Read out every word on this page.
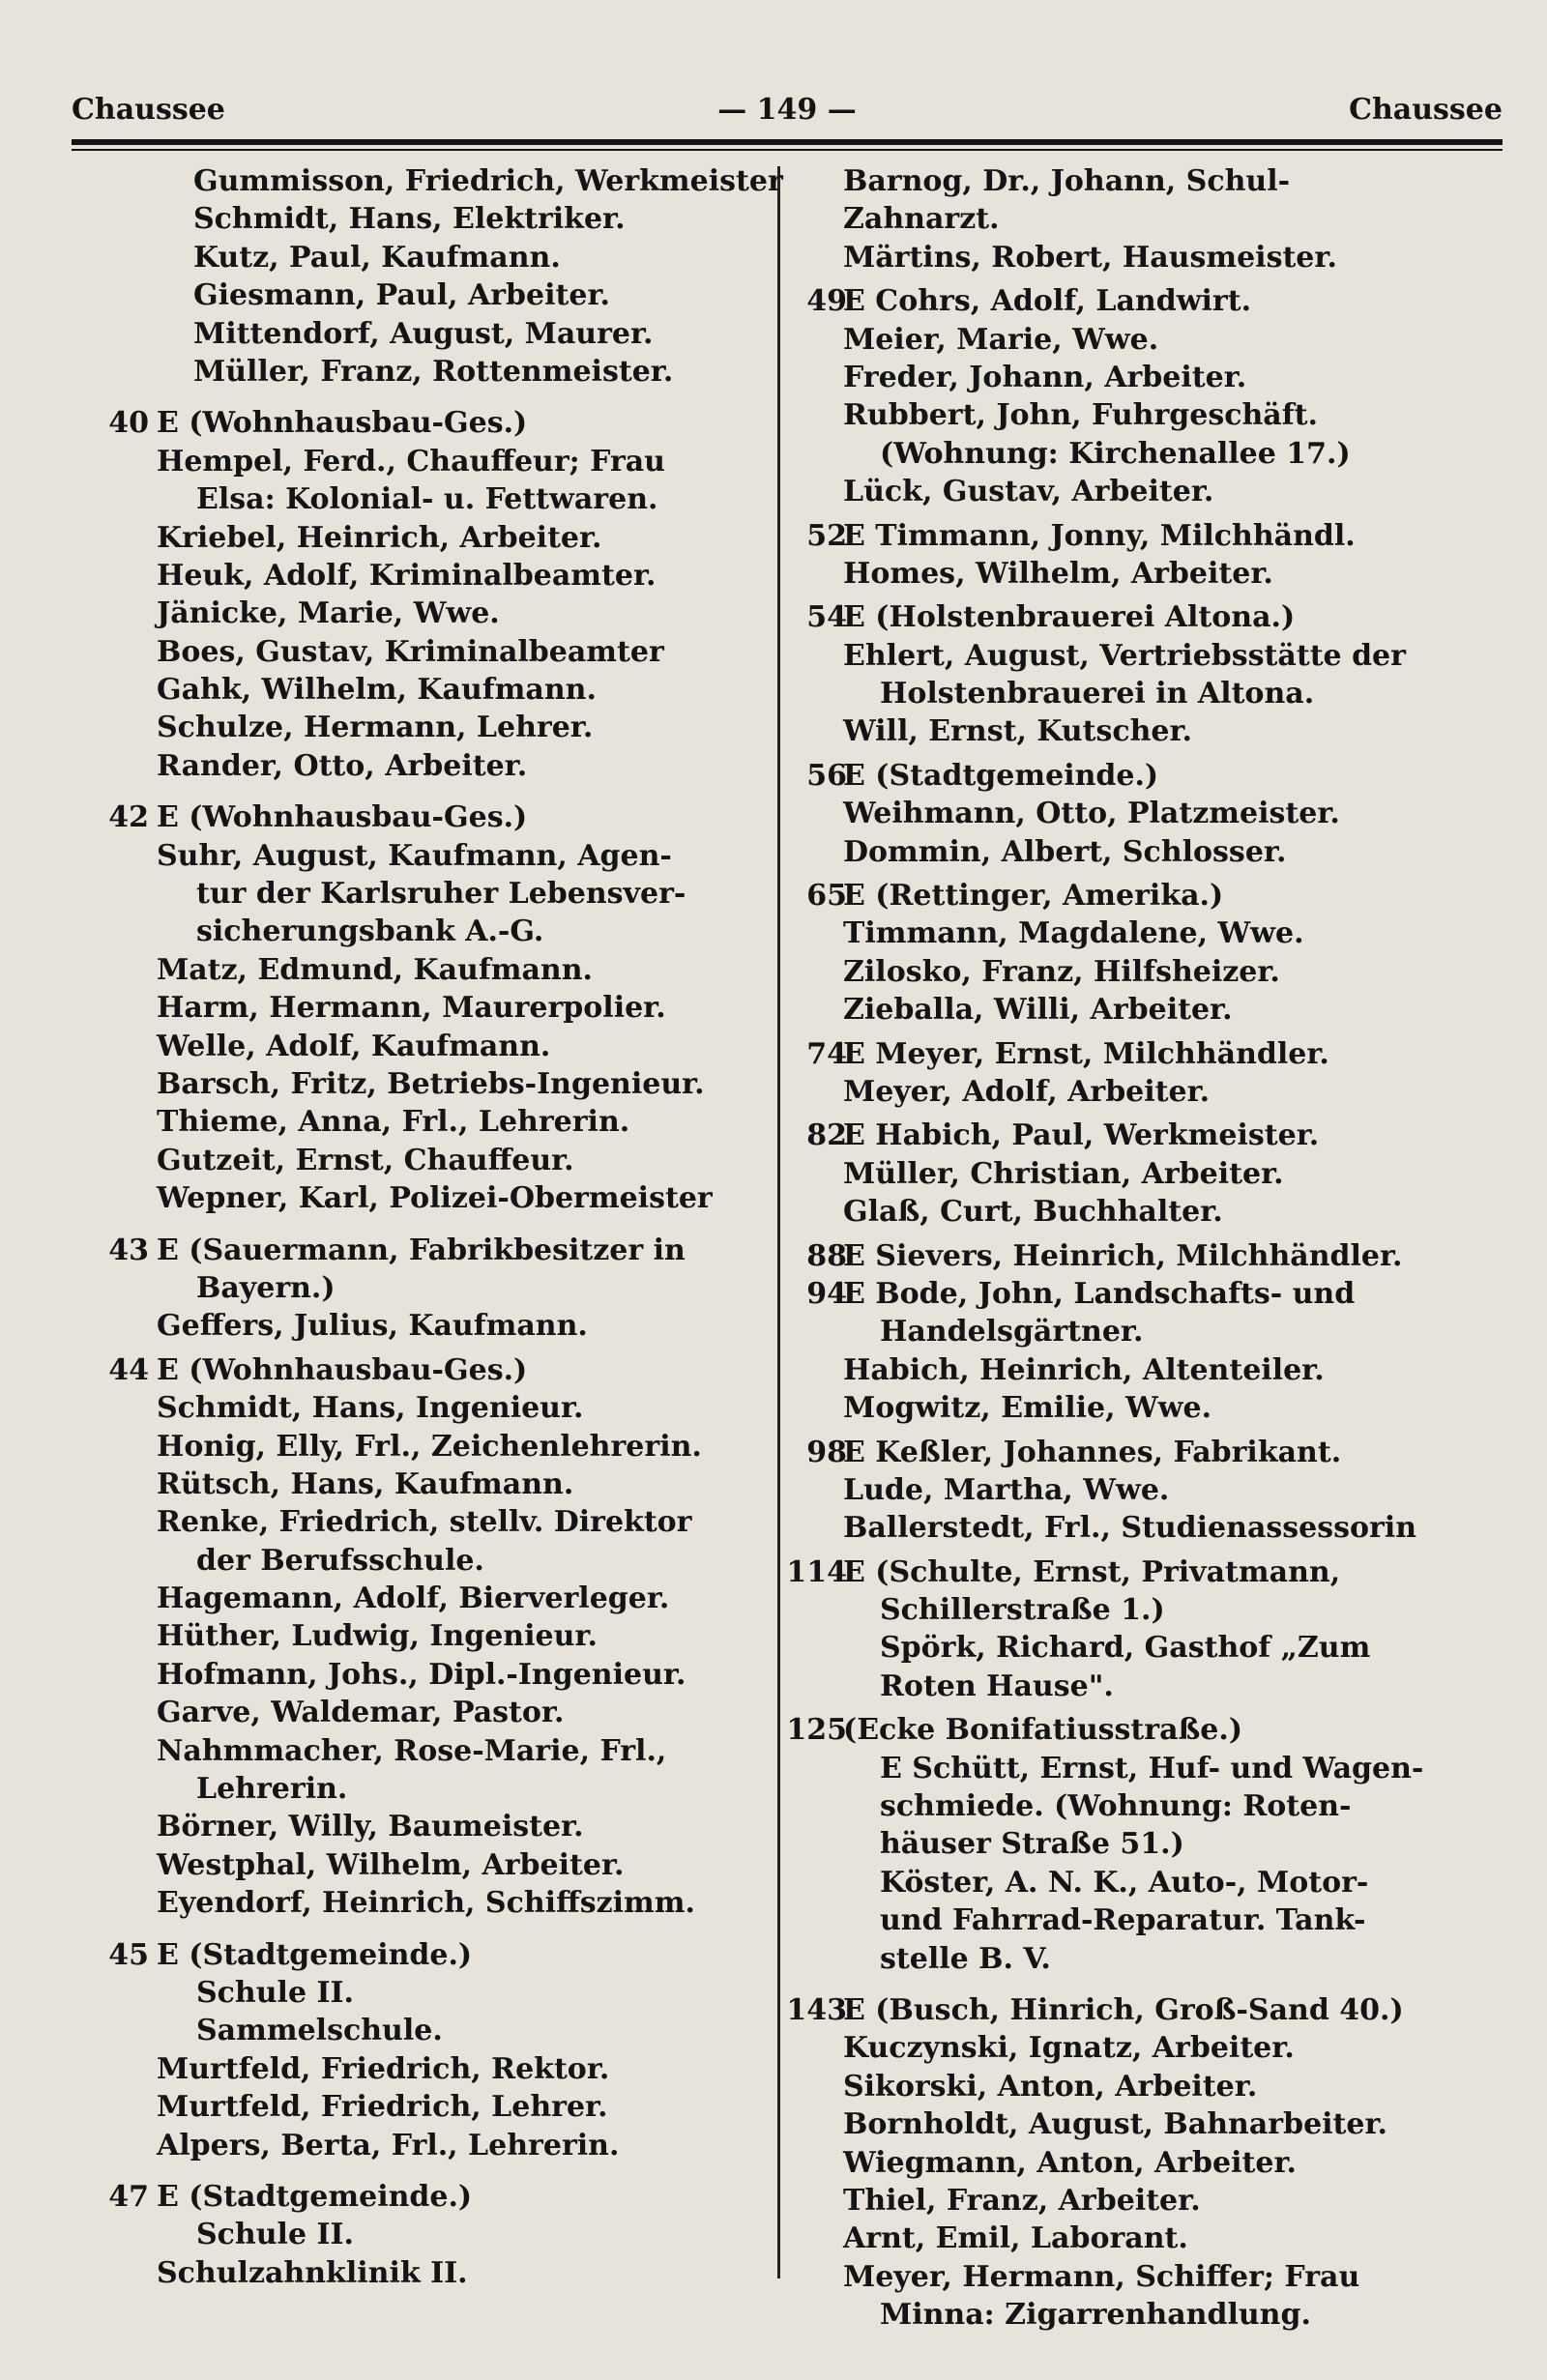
Chaussee	— 149 —	Chaussee
Gummisson, Friedrich, Werkmeister
Schmidt, Hans, Elektriker.
Kutz, Paul, Kaufmann.
Giesmann, Paul, Arbeiter.
Mittendorf, August, Maurer.
Müller, Franz, Rottenmeister.
40 E (Wohnhausbau-Ges.)
Hempel, Ferd., Chauffeur; Frau
Elsa: Kolonial- u. Fettwaren.
Kriebel, Heinrich, Arbeiter.
Heuk, Adolf, Kriminalbeamter.
Jänicke, Marie, Wwe.
Boes, Gustav, Kriminalbeamter
Gahk, Wilhelm, Kaufmann.
Schulze, Hermann, Lehrer.
Rander, Otto, Arbeiter.
42 E (Wohnhausbau-Ges.)
Suhr, August, Kaufmann, Agen-
tur der Karlsruher Lebensver-
sicherungsbank A.-G.
Matz, Edmund, Kaufmann.
Harm, Hermann, Maurerpolier.
Welle, Adolf, Kaufmann.
Barsch, Fritz, Betriebs-Ingenieur.
Thieme, Anna, Frl., Lehrerin.
Gutzeit, Ernst, Chauffeur.
Wepner, Karl, Polizei-Obermeister
43 E (Sauermann, Fabrikbesitzer in
Bayern.)
Geffers, Julius, Kaufmann.
44 E (Wohnhausbau-Ges.)
Schmidt, Hans, Ingenieur.
Honig, Elly, Frl., Zeichenlehrerin.
Rütsch, Hans, Kaufmann.
Renke, Friedrich, stellv. Direktor
der Berufsschule.
Hagemann, Adolf, Bierverleger.
Hüther, Ludwig, Ingenieur.
Hofmann, Johs., Dipl.-Ingenieur.
Garve, Waldemar, Pastor.
Nahmmacher, Rose-Marie, Frl.,
Lehrerin.
Börner, Willy, Baumeister.
Westphal, Wilhelm, Arbeiter.
Eyendorf, Heinrich, Schiffszimm.
45 E (Stadtgemeinde.)
Schule II.
Sammelschule.
Murtfeld, Friedrich, Rektor.
Murtfeld, Friedrich, Lehrer.
Alpers, Berta, Frl., Lehrerin.
47 E (Stadtgemeinde.)
Schule II.
Schulzahnklinik II.
Barnog, Dr., Johann, Schul-
Zahnarzt.
Märtins, Robert, Hausmeister.
49
E Cohrs, Adolf, Landwirt.
Meier, Marie, Wwe.
Freder, Johann, Arbeiter.
Rubbert, John, Fuhrgeschäft.
(Wohnung: Kirchenallee 17.)
Lück, Gustav, Arbeiter.
52
E Timmann, Jonny, Milchhändl.
Homes, Wilhelm, Arbeiter.
54
E (Holstenbrauerei Altona.)
Ehlert, August, Vertriebsstätte der
Holstenbrauerei in Altona.
Will, Ernst, Kutscher.
56
E (Stadtgemeinde.)
Weihmann, Otto, Platzmeister.
Dommin, Albert, Schlosser.
65
E (Rettinger, Amerika.)
Timmann, Magdalene, Wwe.
Zilosko, Franz, Hilfsheizer.
Zieballa, Willi, Arbeiter.
74
E Meyer, Ernst, Milchhändler.
Meyer, Adolf, Arbeiter.
82
E Habich, Paul, Werkmeister.
Müller, Christian, Arbeiter.
Glaß, Curt, Buchhalter.
88
E Sievers, Heinrich, Milchhändler.
94
E Bode, John, Landschafts- und
Handelsgärtner.
Habich, Heinrich, Altenteiler.
Mogwitz, Emilie, Wwe.
98
E Keßler, Johannes, Fabrikant.
Lude, Martha, Wwe.
Ballerstedt, Frl., Studienassessorin
114
E (Schulte, Ernst, Privatmann,
Schillerstraße 1.)
Spörk, Richard, Gasthof „Zum
Roten Hause".
125
(Ecke Bonifatiusstraße.)
E Schütt, Ernst, Huf- und Wagen-
schmiede. (Wohnung: Roten-
häuser Straße 51.)
Köster, A. N. K., Auto-, Motor-
und Fahrrad-Reparatur. Tank-
stelle B. V.
143
E (Busch, Hinrich, Groß-Sand 40.)
Kuczynski, Ignatz, Arbeiter.
Sikorski, Anton, Arbeiter.
Bornholdt, August, Bahnarbeiter.
Wiegmann, Anton, Arbeiter.
Thiel, Franz, Arbeiter.
Arnt, Emil, Laborant.
Meyer, Hermann, Schiffer; Frau
Minna: Zigarrenhandlung.
